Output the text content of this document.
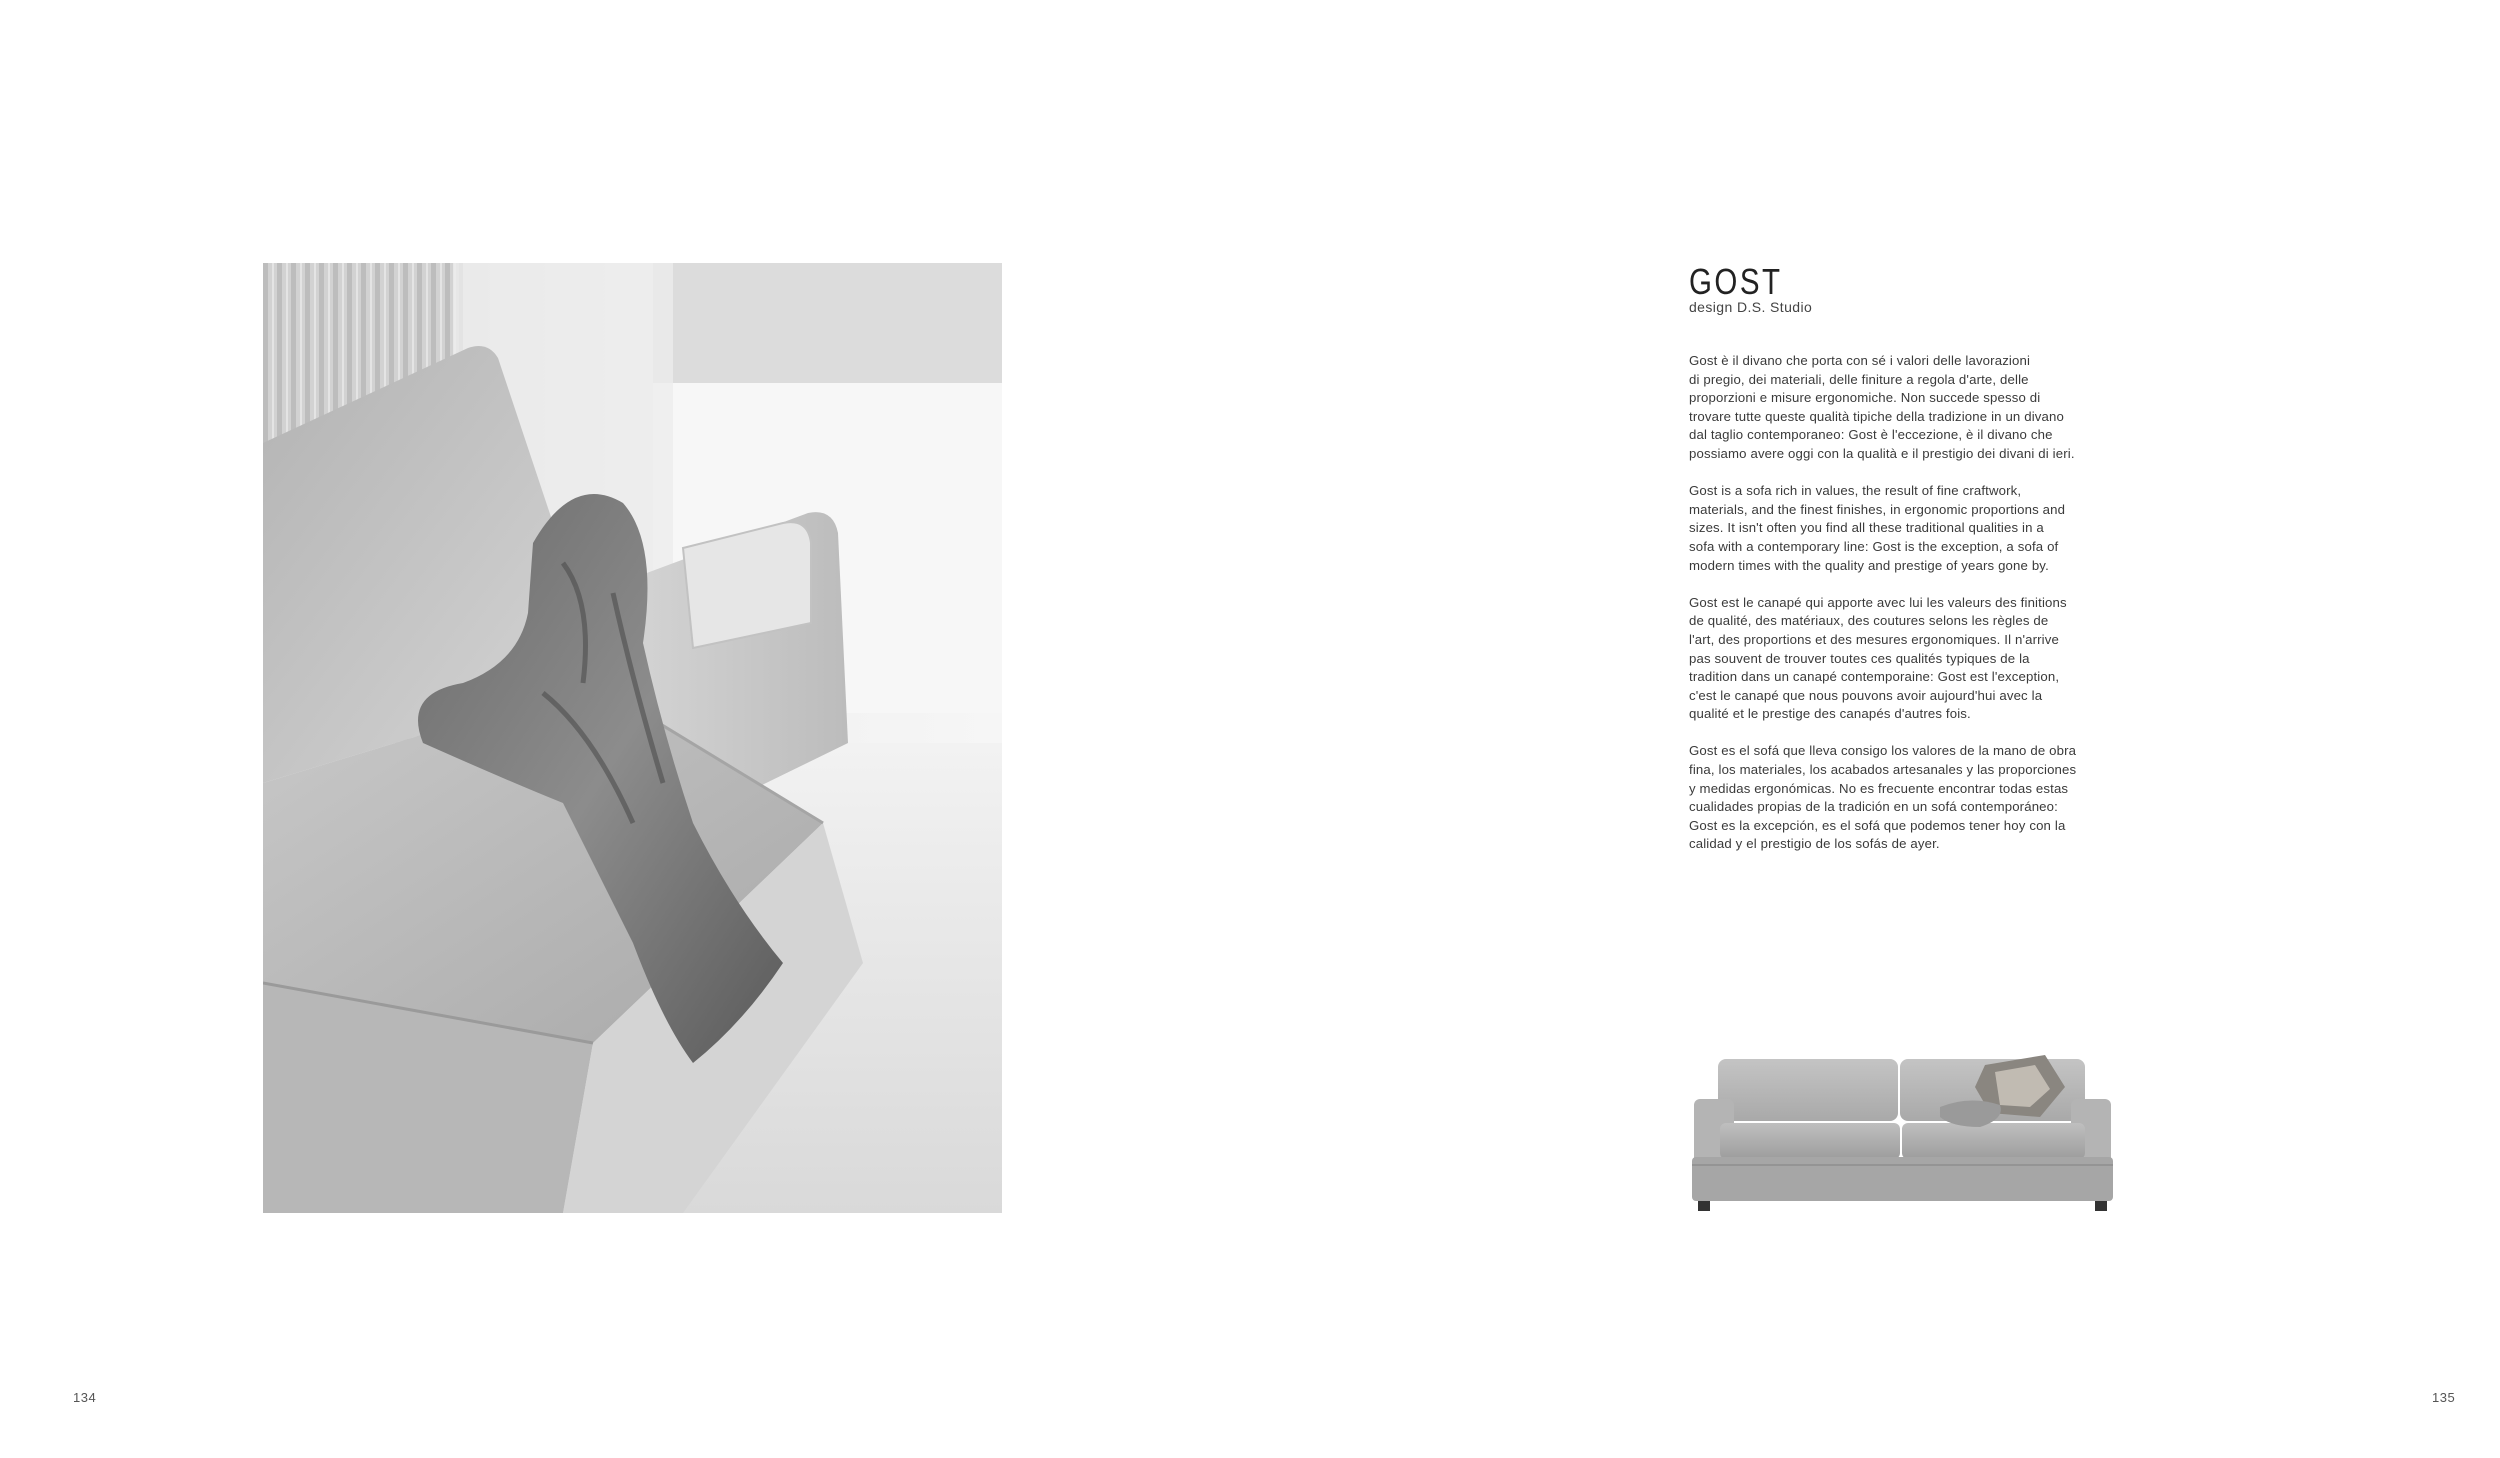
GOST
design D.S. Studio

Gost è il divano che porta con sé i valori delle lavorazioni
di pregio, dei materiali, delle finiture a regola d'arte, delle
proporzioni e misure ergonomiche. Non succede spesso di
trovare tutte queste qualità tipiche della tradizione in un divano
dal taglio contemporaneo: Gost è l'eccezione, è il divano che
possiamo avere oggi con la qualità e il prestigio dei divani di ieri.

Gost is a sofa rich in values, the result of fine craftwork,
materials, and the finest finishes, in ergonomic proportions and
sizes. It isn't often you find all these traditional qualities in a
sofa with a contemporary line: Gost is the exception, a sofa of
modern times with the quality and prestige of years gone by.

Gost est le canapé qui apporte avec lui les valeurs des finitions
de qualité, des matériaux, des coutures selons les règles de
l'art, des proportions et des mesures ergonomiques. Il n'arrive
pas souvent de trouver toutes ces qualités typiques de la
tradition dans un canapé contemporaine: Gost est l'exception,
c'est le canapé que nous pouvons avoir aujourd'hui avec la
qualité et le prestige des canapés d'autres fois.

Gost es el sofá que lleva consigo los valores de la mano de obra
fina, los materiales, los acabados artesanales y las proporciones
y medidas ergonómicas. No es frecuente encontrar todas estas
cualidades propias de la tradición en un sofá contemporáneo:
Gost es la excepción, es el sofá que podemos tener hoy con la
calidad y el prestigio de los sofás de ayer.

134	135
